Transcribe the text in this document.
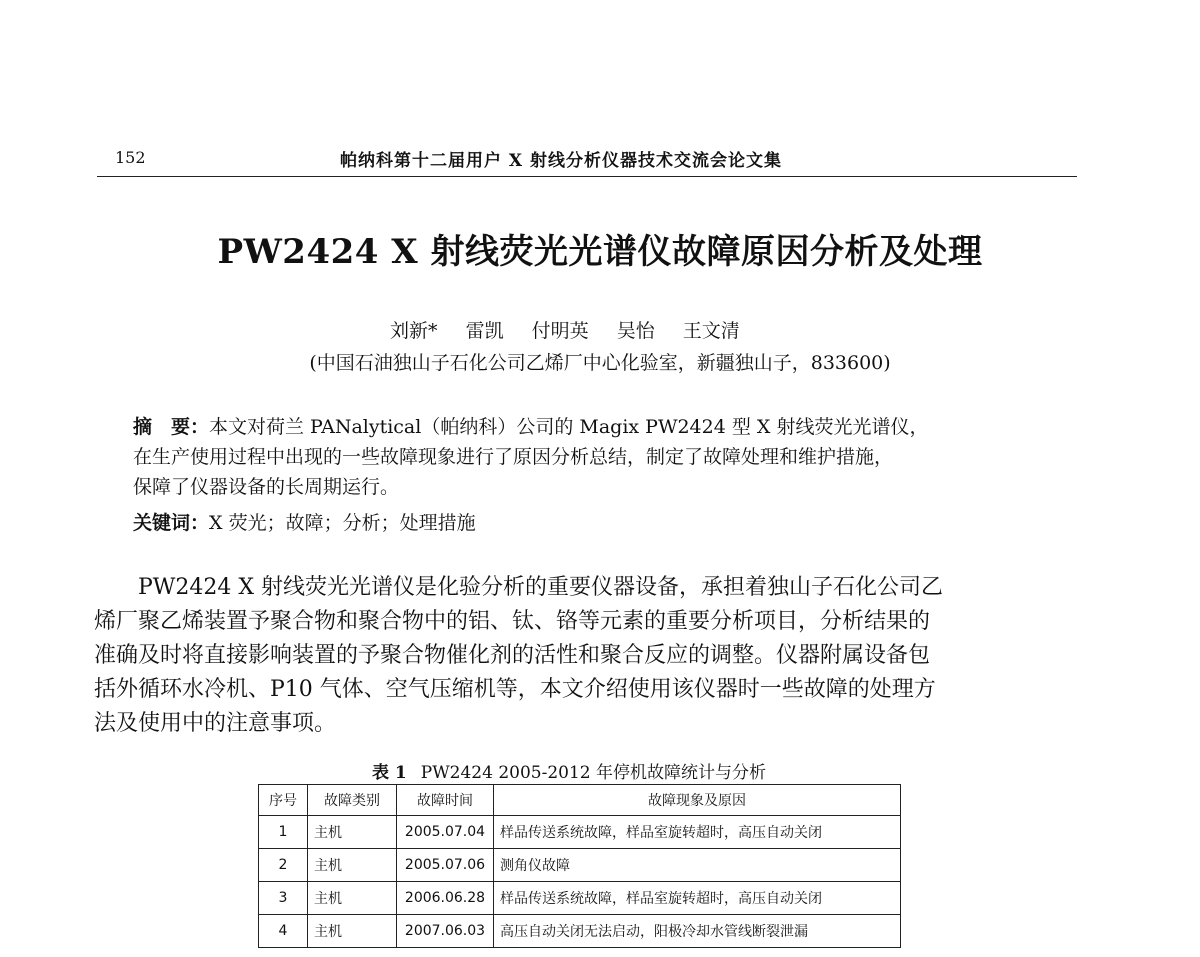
152	帕纳科第十二届用户 X 射线分析仪器技术交流会论文集
PW2424 X 射线荧光光谱仪故障原因分析及处理
刘新* 雷凯 付明英 吴怡 王文清
(中国石油独山子石化公司乙烯厂中心化验室，新疆独山子，833600)
摘　要：本文对荷兰 PANalytical（帕纳科）公司的 Magix PW2424 型 X 射线荧光光谱仪，
在生产使用过程中出现的一些故障现象进行了原因分析总结，制定了故障处理和维护措施，
保障了仪器设备的长周期运行。
关键词：X 荧光；故障；分析；处理措施
　　PW2424 X 射线荧光光谱仪是化验分析的重要仪器设备，承担着独山子石化公司乙
烯厂聚乙烯装置予聚合物和聚合物中的铝、钛、铬等元素的重要分析项目，分析结果的
准确及时将直接影响装置的予聚合物催化剂的活性和聚合反应的调整。仪器附属设备包
括外循环水冷机、P10 气体、空气压缩机等，本文介绍使用该仪器时一些故障的处理方
法及使用中的注意事项。
表 1 PW2424 2005-2012 年停机故障统计与分析
序号	故障类别	故障时间	故障现象及原因
1	主机	2005.07.04	样品传送系统故障，样品室旋转超时，高压自动关闭
2	主机	2005.07.06	测角仪故障
3	主机	2006.06.28	样品传送系统故障，样品室旋转超时，高压自动关闭
4	主机	2007.06.03	高压自动关闭无法启动，阳极冷却水管线断裂泄漏
